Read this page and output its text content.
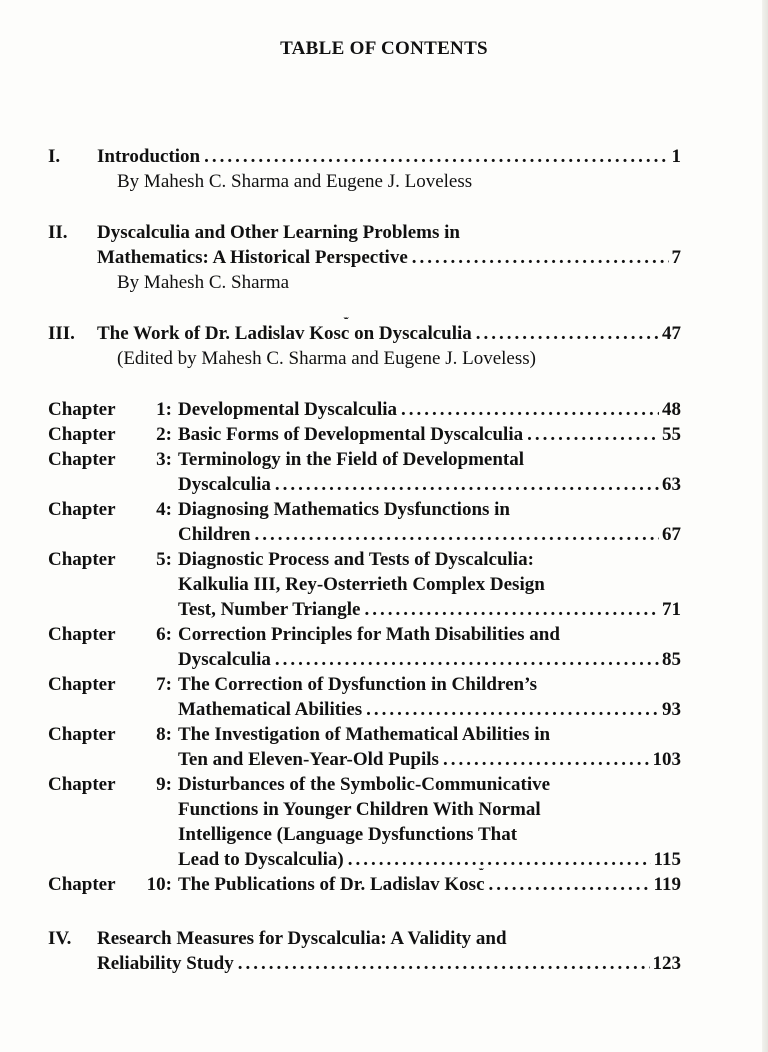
TABLE OF CONTENTS
I. Introduction .....	1
By Mahesh C. Sharma and Eugene J. Loveless
II. Dyscalculia and Other Learning Problems in
Mathematics: A Historical Perspective .....	7
By Mahesh C. Sharma
III. The Work of Dr. Ladislav Kosˇˇ c on Dyscalculia .....	47
(Edited by Mahesh C. Sharma and Eugene J. Loveless)
Chapter 1: Developmental Dyscalculia .....	48
Chapter 2: Basic Forms of Developmental Dyscalculia .....	55
Chapter 3: Terminology in the Field of Developmental
Dyscalculia .....	63
Chapter 4: Diagnosing Mathematics Dysfunctions in
Children .....	67
Chapter 5: Diagnostic Process and Tests of Dyscalculia:
Kalkulia III, Rey-Osterrieth Complex Design
Test, Number Triangle .....	71
Chapter 6: Correction Principles for Math Disabilities and
Dyscalculia .....	85
Chapter 7: The Correction of Dysfunction in Children’s
Mathematical Abilities .....	93
Chapter 8: The Investigation of Mathematical Abilities in
Ten and Eleven-Year-Old Pupils .....	103
Chapter 9: Disturbances of the Symbolic-Communicative
Functions in Younger Children With Normal
Intelligence (Language Dysfunctions That
Lead to Dyscalculia) .....	115
Chapter 10: The Publications of Dr. Ladislav Kosˇˇ c .....	119
IV. Research Measures for Dyscalculia: A Validity and
Reliability Study .....	123
